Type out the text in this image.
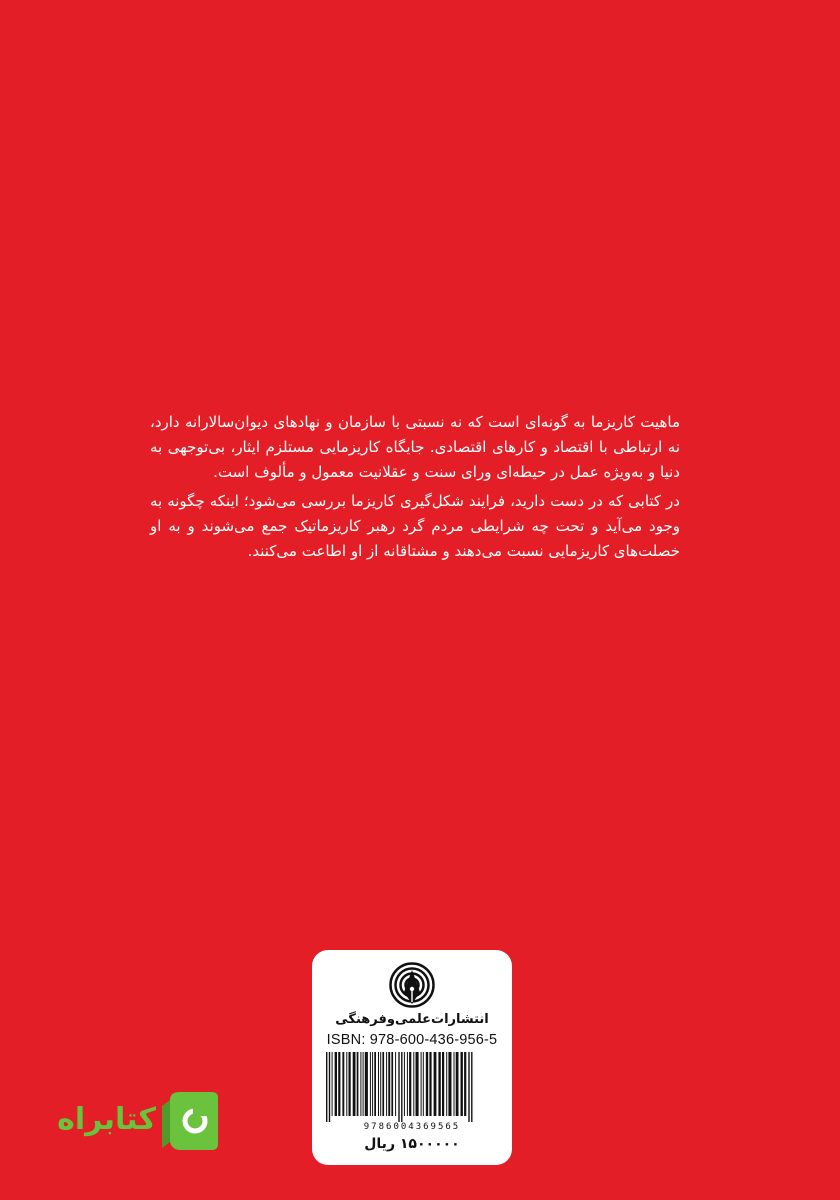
ماهیت کاریزما به گونه‌ای است که نه نسبتی با سازمان و نهادهای دیوان‌سالارانه دارد، نه ارتباطی با اقتصاد و کارهای اقتصادی. جایگاه کاریزمایی مستلزم ایثار، بی‌توجهی به دنیا و به‌ویژه عمل در حیطه‌ای ورای سنت و عقلانیت معمول و مألوف است.

در کتابی که در دست دارید، فرایند شکل‌گیری کاریزما بررسی می‌شود؛ اینکه چگونه به وجود می‌آید و تحت چه شرایطی مردم گرد رهبر کاریزماتیک جمع می‌شوند و به او خصلت‌های کاریزمایی نسبت می‌دهند و مشتاقانه از او اطاعت می‌کنند.

انتشارات‌علمی‌وفرهنگی
ISBN: 978-600-436-956-5
9786004369565
۱۵۰۰۰۰۰ ریال
کتابراه
